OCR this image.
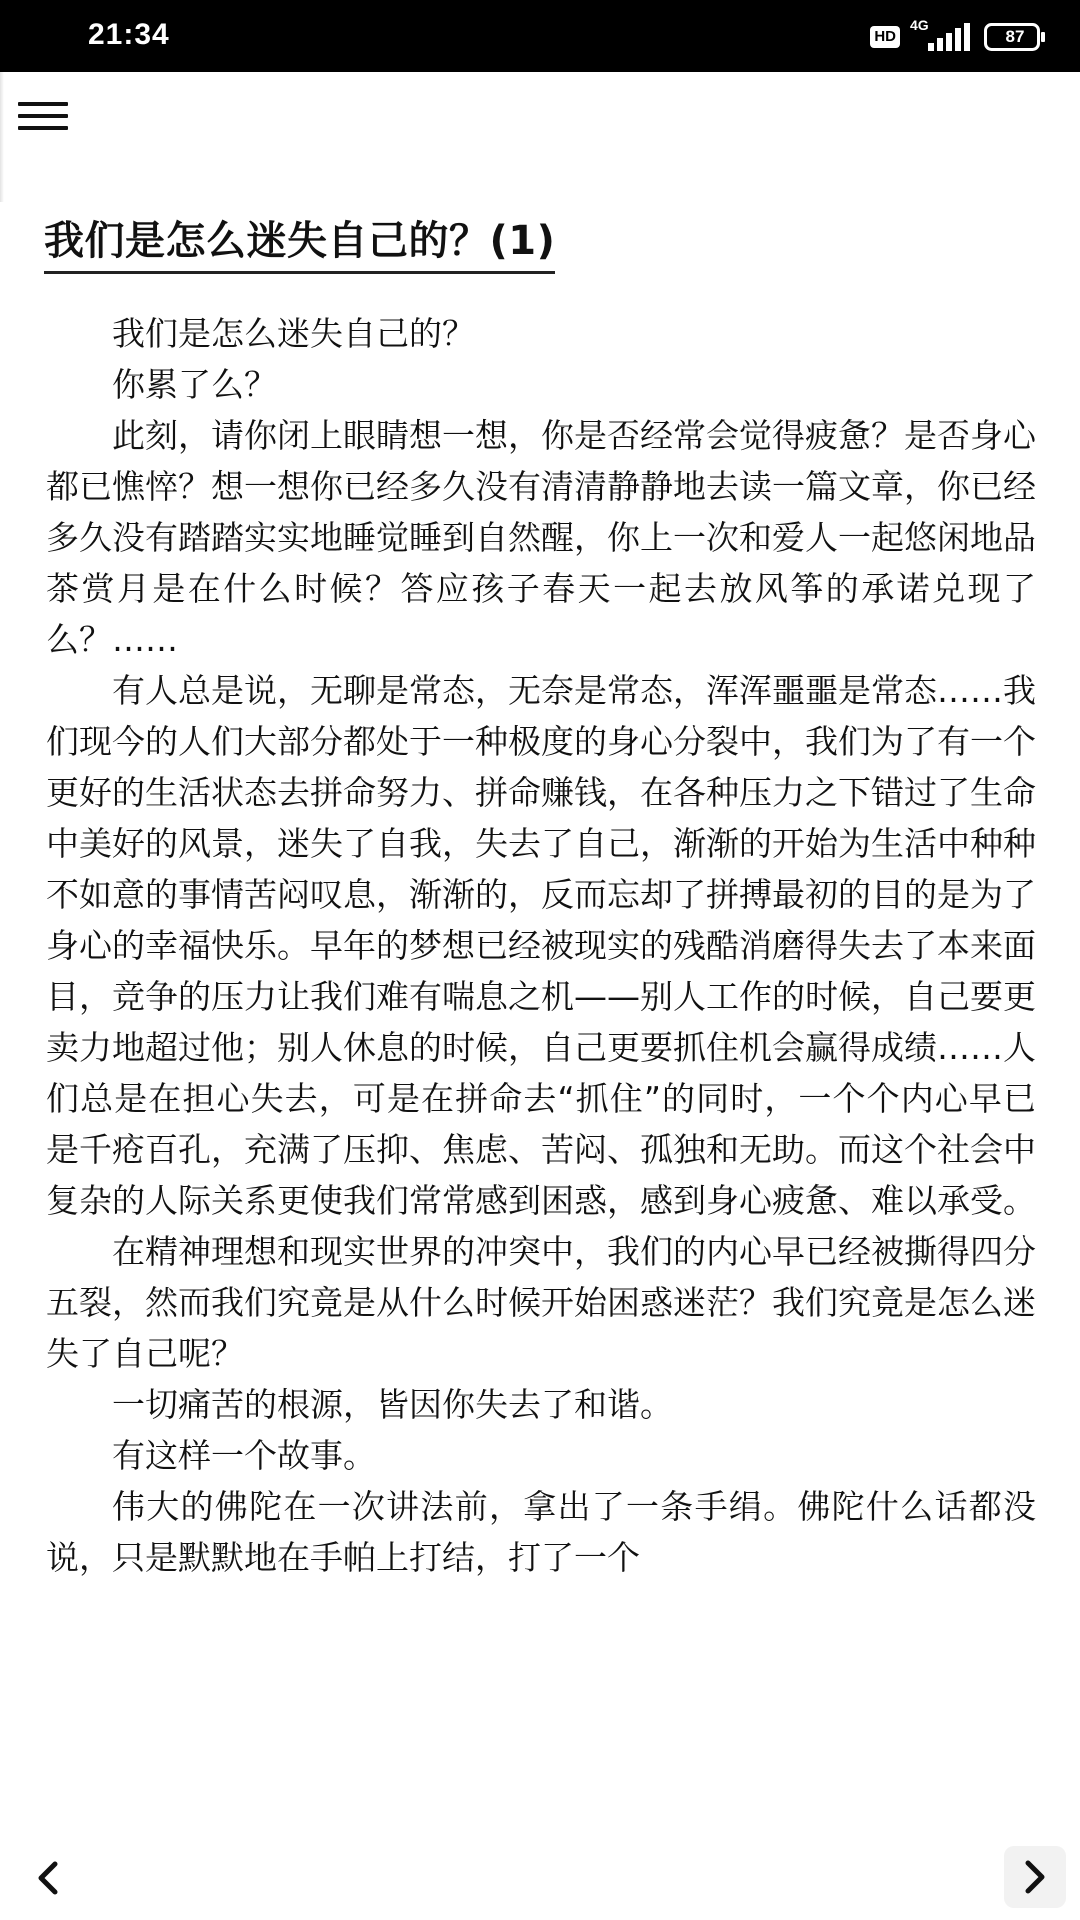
21:34	HD
4G
87
我们是怎么迷失自己的？(1)

我们是怎么迷失自己的？

你累了么？

此刻，请你闭上眼睛想一想，你是否经常会觉得疲惫？是否身心都已憔悴？想一想你已经多久没有清清静静地去读一篇文章，你已经多久没有踏踏实实地睡觉睡到自然醒，你上一次和爱人一起悠闲地品茶赏月是在什么时候？答应孩子春天一起去放风筝的承诺兑现了么？……

有人总是说，无聊是常态，无奈是常态，浑浑噩噩是常态……我们现今的人们大部分都处于一种极度的身心分裂中，我们为了有一个更好的生活状态去拼命努力、拼命赚钱，在各种压力之下错过了生命中美好的风景，迷失了自我，失去了自己，渐渐的开始为生活中种种不如意的事情苦闷叹息，渐渐的，反而忘却了拼搏最初的目的是为了身心的幸福快乐。早年的梦想已经被现实的残酷消磨得失去了本来面目，竞争的压力让我们难有喘息之机——别人工作的时候，自己要更卖力地超过他；别人休息的时候，自己更要抓住机会赢得成绩……人们总是在担心失去，可是在拼命去“抓住”的同时，一个个内心早已是千疮百孔，充满了压抑、焦虑、苦闷、孤独和无助。而这个社会中复杂的人际关系更使我们常常感到困惑，感到身心疲惫、难以承受。

在精神理想和现实世界的冲突中，我们的内心早已经被撕得四分五裂，然而我们究竟是从什么时候开始困惑迷茫？我们究竟是怎么迷失了自己呢？

一切痛苦的根源，皆因你失去了和谐。

有这样一个故事。

伟大的佛陀在一次讲法前，拿出了一条手绢。佛陀什么话都没说，只是默默地在手帕上打结，打了一个
